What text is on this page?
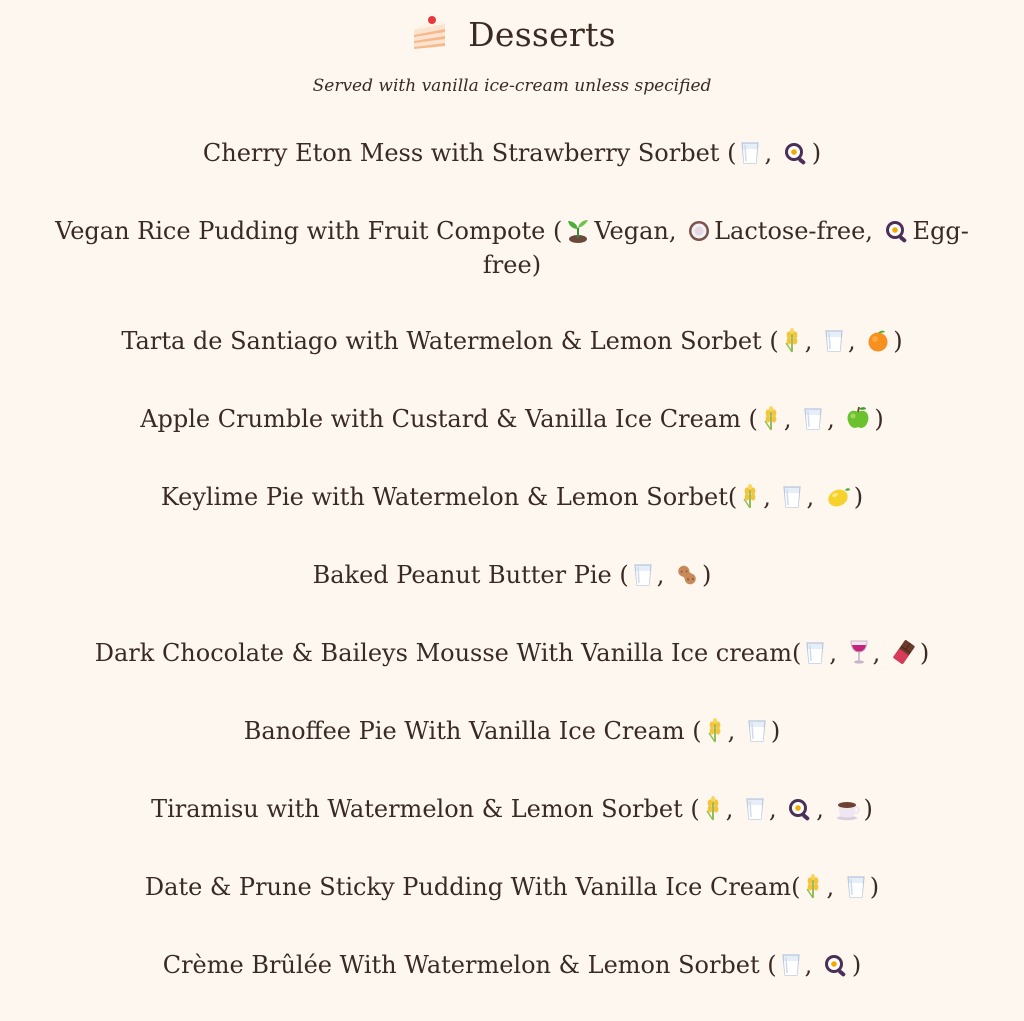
Desserts
Served with vanilla ice-cream unless specified
Cherry Eton Mess with Strawberry Sorbet ( ,
)
Vegan Rice Pudding with Fruit Compote ( Vegan,
Lactose-free,
Egg-free)
Tarta de Santiago with Watermelon & Lemon Sorbet ( ,
,
)
Apple Crumble with Custard & Vanilla Ice Cream ( ,
,
)
Keylime Pie with Watermelon & Lemon Sorbet( ,
,
)
Baked Peanut Butter Pie ( ,
)
Dark Chocolate & Baileys Mousse With Vanilla Ice cream( ,
,
)
Banoffee Pie With Vanilla Ice Cream ( ,
)
Tiramisu with Watermelon & Lemon Sorbet ( ,
,
,
)
Date & Prune Sticky Pudding With Vanilla Ice Cream( ,
)
Crème Brûlée With Watermelon & Lemon Sorbet ( ,
)
